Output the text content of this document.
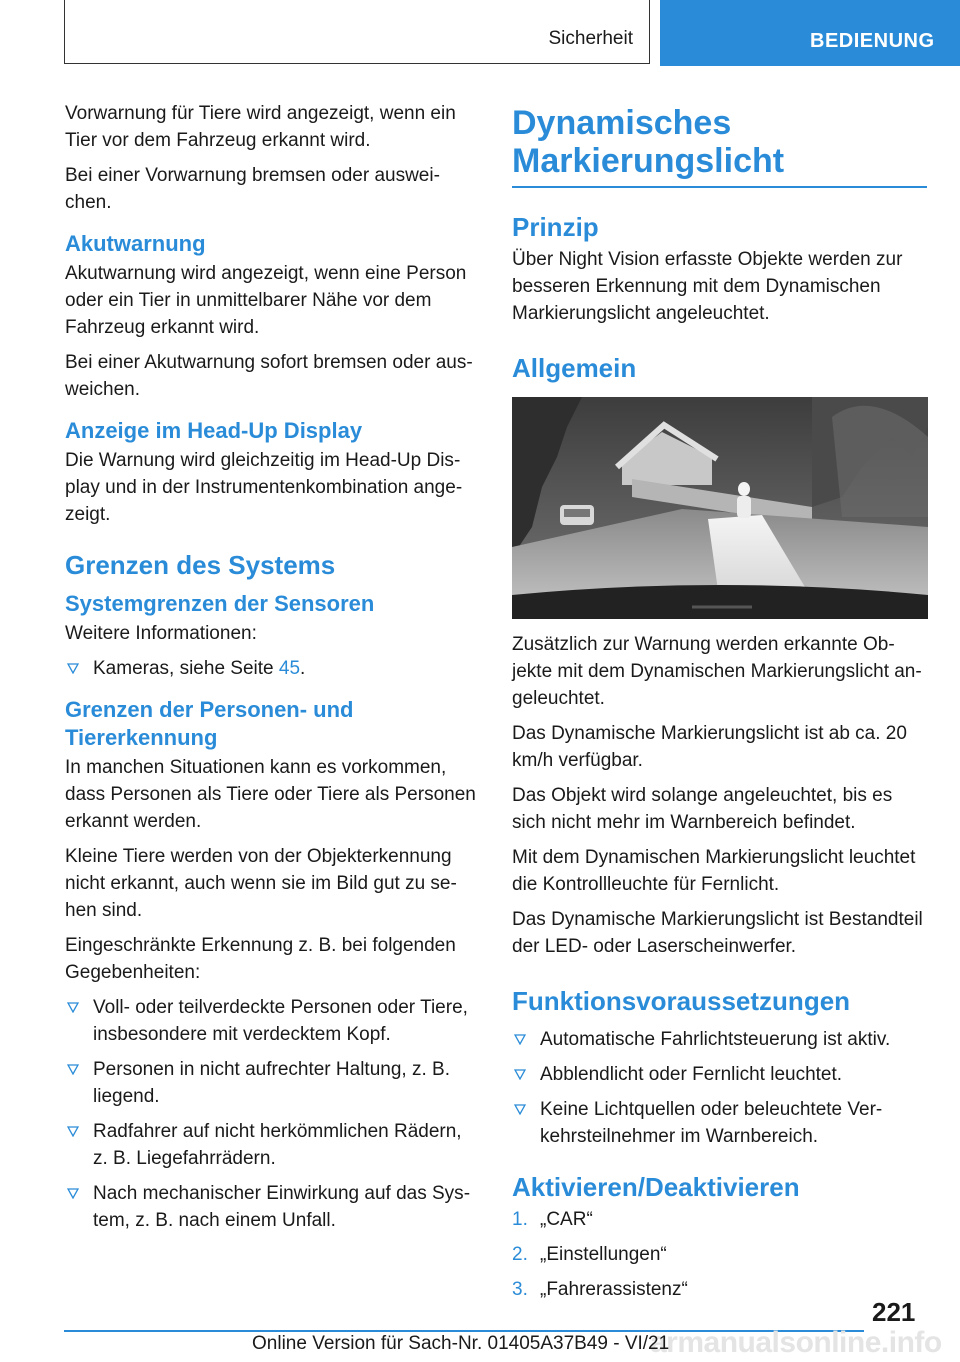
Sicherheit	BEDIENUNG

Vorwarnung für Tiere wird angezeigt, wenn ein Tier vor dem Fahrzeug erkannt wird.

Bei einer Vorwarnung bremsen oder ausweichen.

Akutwarnung

Akutwarnung wird angezeigt, wenn eine Person oder ein Tier in unmittelbarer Nähe vor dem Fahrzeug erkannt wird.

Bei einer Akutwarnung sofort bremsen oder ausweichen.

Anzeige im Head-Up Display

Die Warnung wird gleichzeitig im Head-Up Display und in der Instrumentenkombination angezeigt.

Grenzen des Systems
Systemgrenzen der Sensoren

Weitere Informationen:

Kameras, siehe Seite 45.
Grenzen der Personen- und Tiererkennung

In manchen Situationen kann es vorkommen, dass Personen als Tiere oder Tiere als Personen erkannt werden.

Kleine Tiere werden von der Objekterkennung nicht erkannt, auch wenn sie im Bild gut zu sehen sind.

Eingeschränkte Erkennung z. B. bei folgenden Gegebenheiten:

Voll- oder teilverdeckte Personen oder Tiere, insbesondere mit verdecktem Kopf.
Personen in nicht aufrechter Haltung, z. B. liegend.
Radfahrer auf nicht herkömmlichen Rädern, z. B. Liegefahrrädern.
Nach mechanischer Einwirkung auf das System, z. B. nach einem Unfall.
Dynamisches Markierungslicht
Prinzip

Über Night Vision erfasste Objekte werden zur besseren Erkennung mit dem Dynamischen Markierungslicht angeleuchtet.

Allgemein

Zusätzlich zur Warnung werden erkannte Objekte mit dem Dynamischen Markierungslicht angeleuchtet.

Das Dynamische Markierungslicht ist ab ca. 20 km/h verfügbar.

Das Objekt wird solange angeleuchtet, bis es sich nicht mehr im Warnbereich befindet.

Mit dem Dynamischen Markierungslicht leuchtet die Kontrollleuchte für Fernlicht.

Das Dynamische Markierungslicht ist Bestandteil der LED- oder Laserscheinwerfer.

Funktionsvoraussetzungen
Automatische Fahrlichtsteuerung ist aktiv.
Abblendlicht oder Fernlicht leuchtet.
Keine Lichtquellen oder beleuchtete Verkehrsteilnehmer im Warnbereich.
Aktivieren/Deaktivieren
1. „CAR“
2. „Einstellungen“
3. „Fahrerassistenz“
221
armanualsonline.info
Online Version für Sach-Nr. 01405A37B49 - VI/21
